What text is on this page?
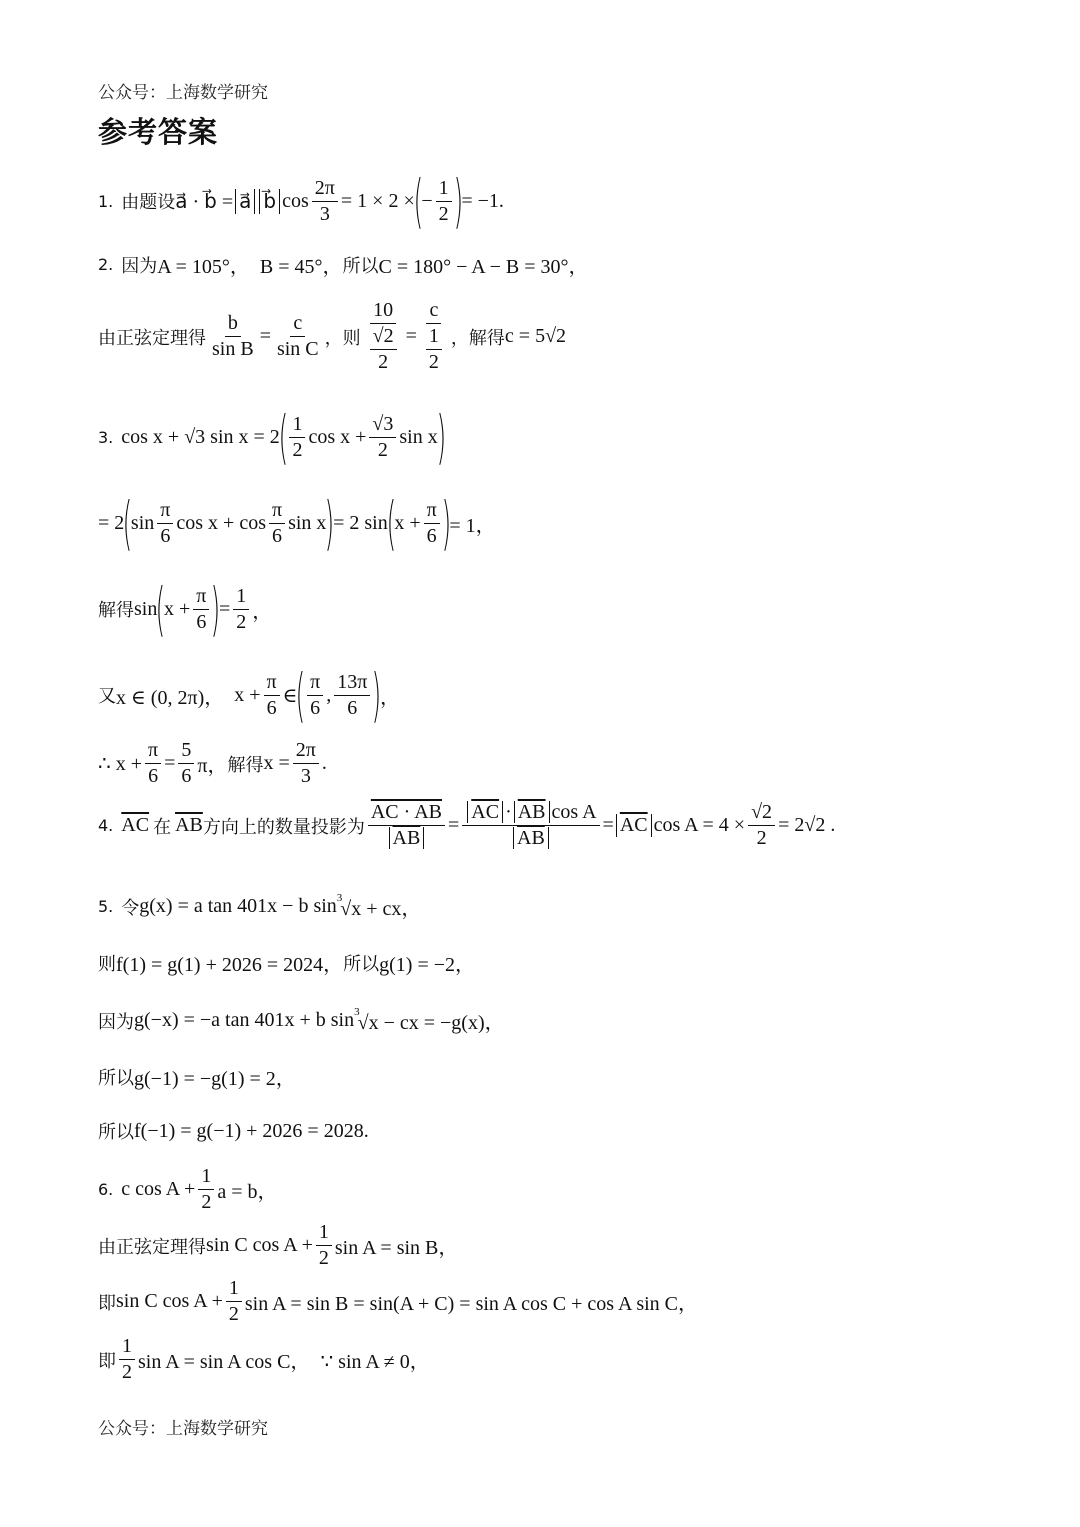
公众号：上海数学研究
参考答案
1. 由题设 a⃗ · b⃗ = a⃗ b⃗ $\cos \frac{2\pi}{3} = 1 \times 2$ ×
(
− $\frac{1}{2}$ )
= −1.
2. 因为 A = 105°， B = 45°， 所以 C = 180° − A − B = 30°，
由正弦定理得 $\frac{b}{\text{sin B}} = \frac{c}{\text{sin C}}$ ，则 $\frac{10}{\frac{√2}{2}} = \frac{c}{\frac{1}{2}}$ ，解得 c = 5√2
3. cos x + √3 sin x = 2
( $\frac{1}{2}$ $\cos x + \frac{√3}{2}$ sin x
)
= 2
(
$\sin \frac{\pi}{6}$ $\cos x + \cos \frac{\pi}{6}$ sin x
)
= 2 sin
(
$x + \frac{\pi}{6}$ )
= 1，
解得 sin
(
$x + \frac{\pi}{6}$ )
= $\frac{1}{2}$ ，
又 x ∈ (0, 2π)， $x + \frac{\pi}{6}$ ∈
( $\frac{\pi}{6}$ , $\frac{13\pi}{6}$ )
，
∴ $x + \frac{\pi}{6} = \frac{5}{6}$ π， 解得 $x = \frac{2\pi}{3}$ .
4. $\overline{AC}$ 在 $\overline{AB}$ 方向上的数量投影为 $\frac{AC \cdot AB}{AB} = \frac{\overline{AC} \cdot \overline{AB} \cos A}{AB} = \overline{AC}$ $\cos A = 4 \times \frac{√2}{2} = 2√2$ .
5. 令 g(x) = a tan 401x − b sin 3
√x + cx，
则 f(1) = g(1) + 2026 = 2024， 所以 g(1) = −2，
因为 g(−x) = −a tan 401x + b sin 3
√x − cx = −g(x)，
所以 g(−1) = −g(1) = 2，
所以 f(−1) = g(−1) + 2026 = 2028.
6. c $\cos A + \frac{1}{2}$ a = b，
由正弦定理得 sin C $\cos A + \frac{1}{2}$ sin A = sin B，
即 sin C $\cos A + \frac{1}{2}$ sin A = sin B = sin(A + C) = sin A cos C + cos A sin C，
即 $\frac{1}{2}$ sin A = sin A cos C， ∵ sin A ≠ 0，
公众号：上海数学研究
